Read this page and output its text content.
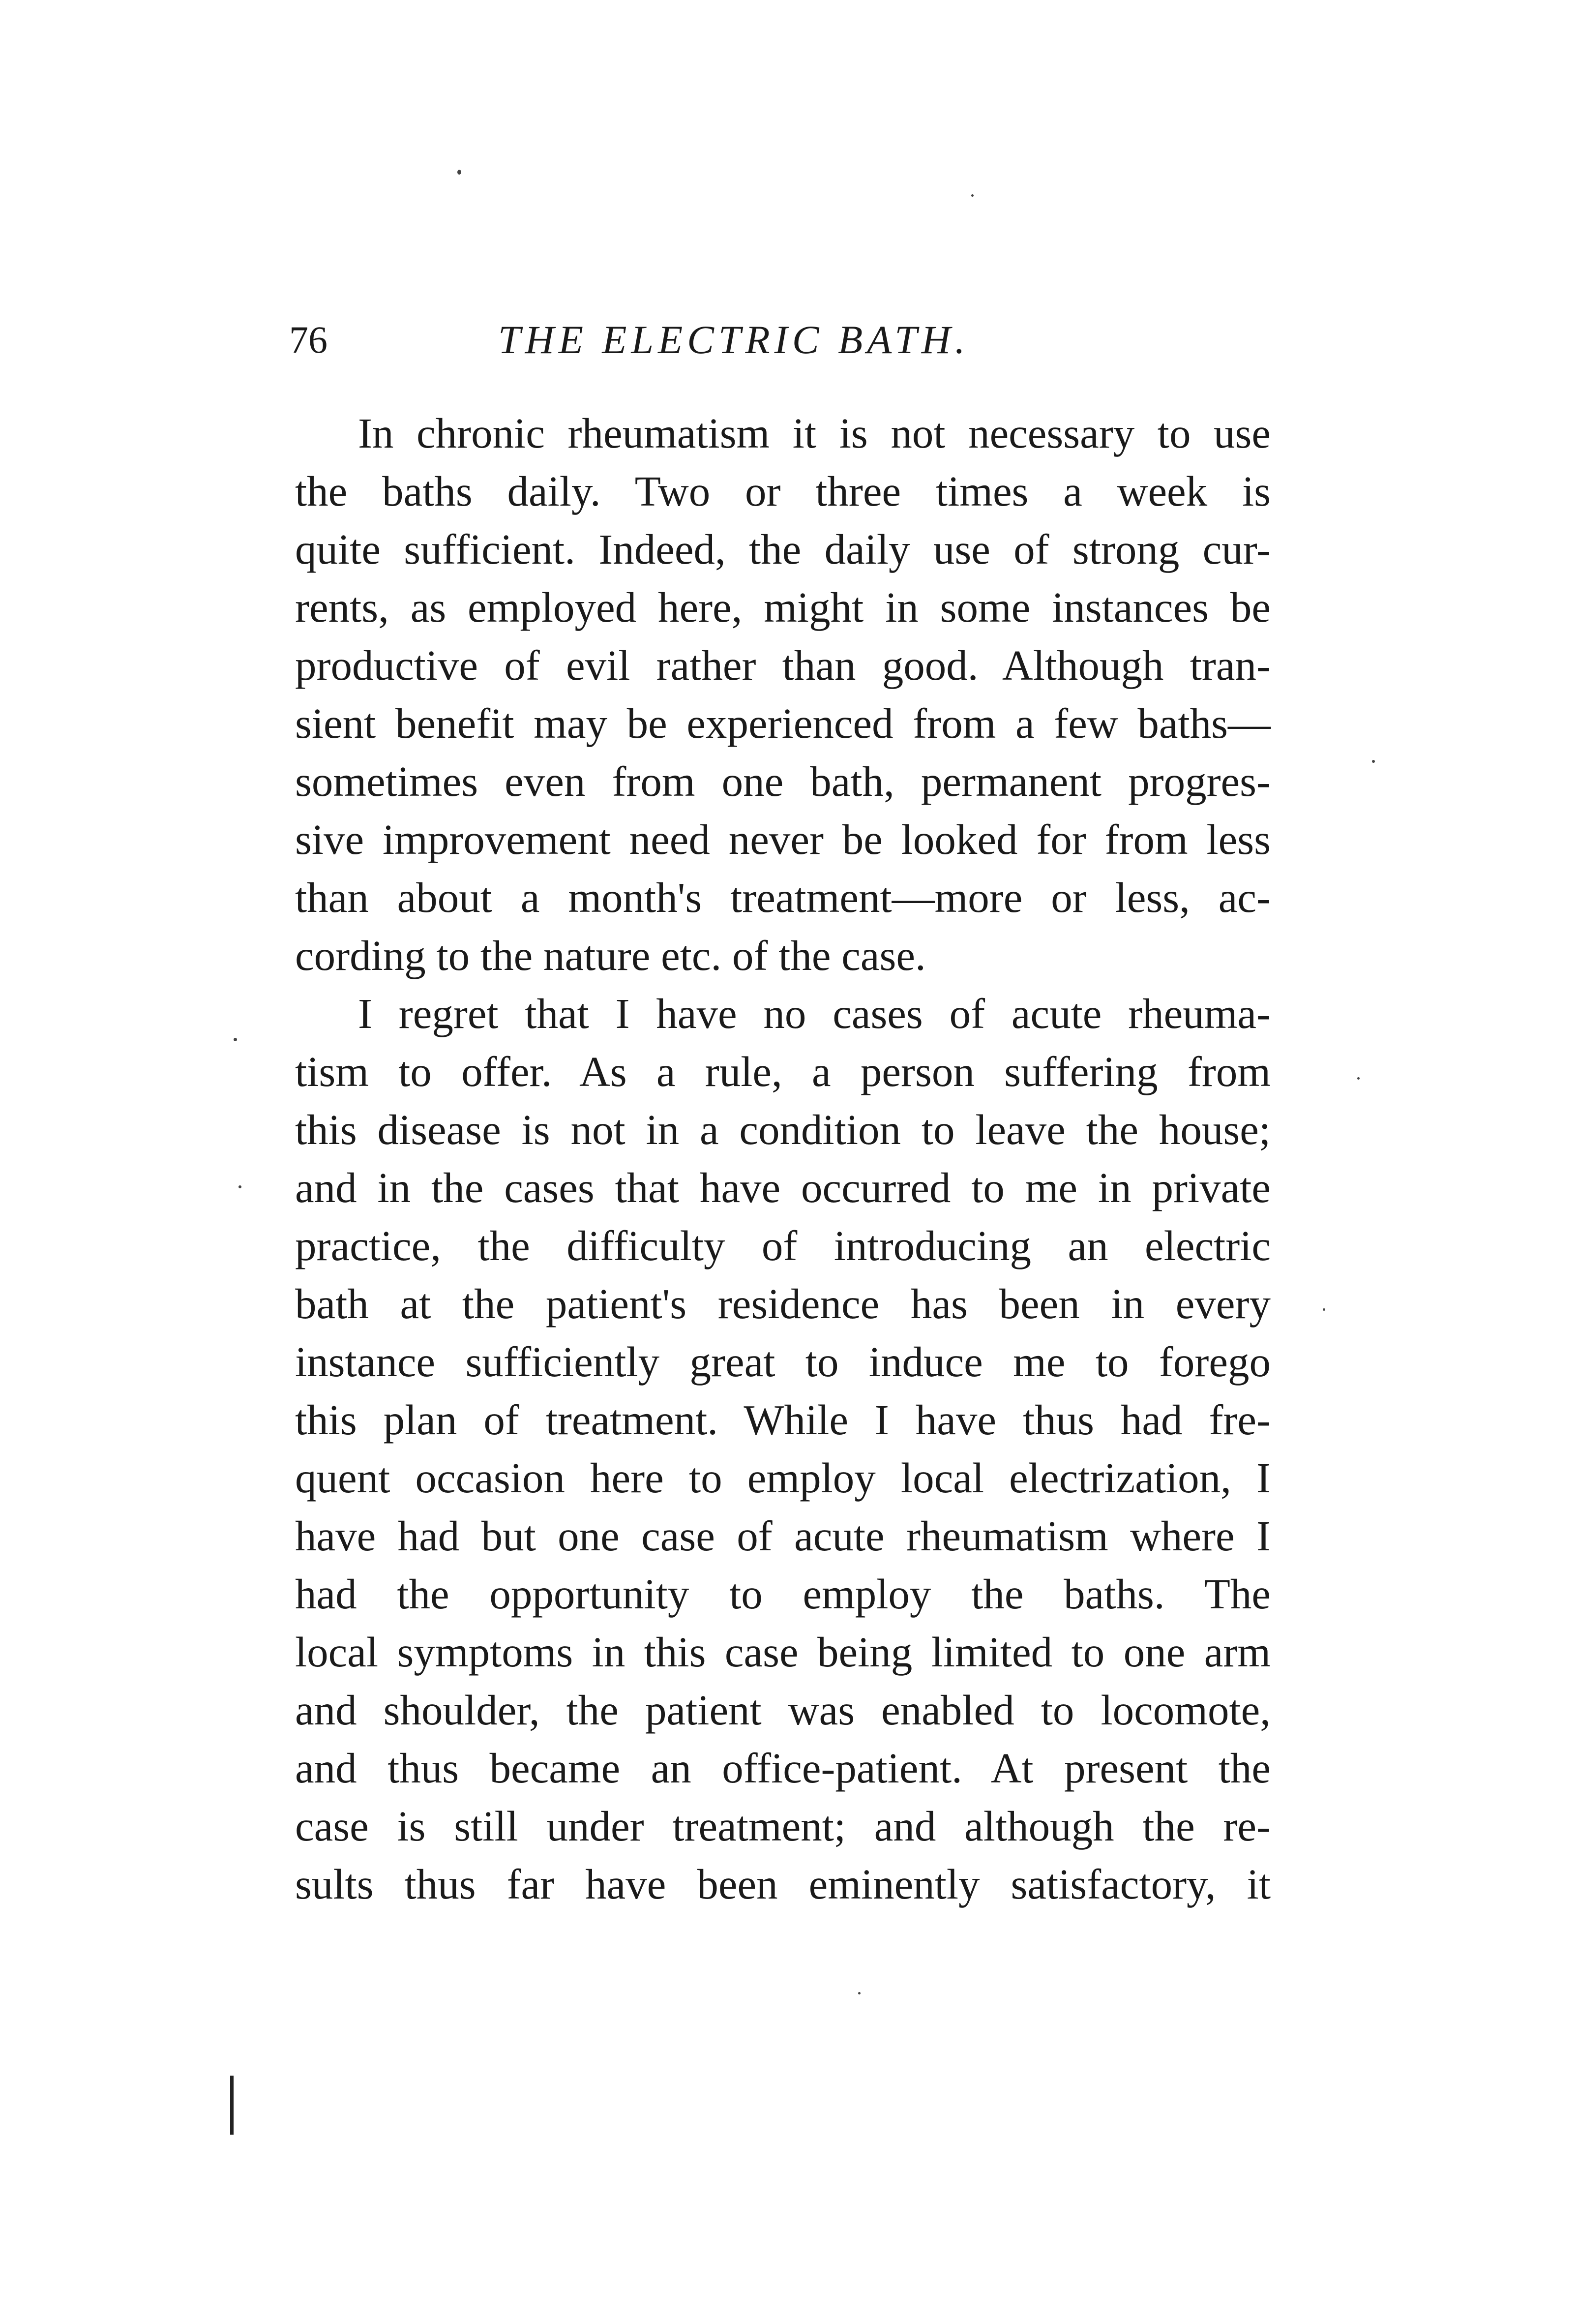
76	THE ELECTRIC BATH.
In chronic rheumatism it is not necessary to use
the baths daily. Two or three times a week is
quite sufficient. Indeed, the daily use of strong cur-
rents, as employed here, might in some instances be
productive of evil rather than good. Although tran-
sient benefit may be experienced from a few baths—
sometimes even from one bath, permanent progres-
sive improvement need never be looked for from less
than about a month's treatment—more or less, ac-
cording to the nature etc. of the case.
I regret that I have no cases of acute rheuma-
tism to offer. As a rule, a person suffering from
this disease is not in a condition to leave the house;
and in the cases that have occurred to me in private
practice, the difficulty of introducing an electric
bath at the patient's residence has been in every
instance sufficiently great to induce me to forego
this plan of treatment. While I have thus had fre-
quent occasion here to employ local electrization, I
have had but one case of acute rheumatism where I
had the opportunity to employ the baths. The
local symptoms in this case being limited to one arm
and shoulder, the patient was enabled to locomote,
and thus became an office-patient. At present the
case is still under treatment; and although the re-
sults thus far have been eminently satisfactory, it
